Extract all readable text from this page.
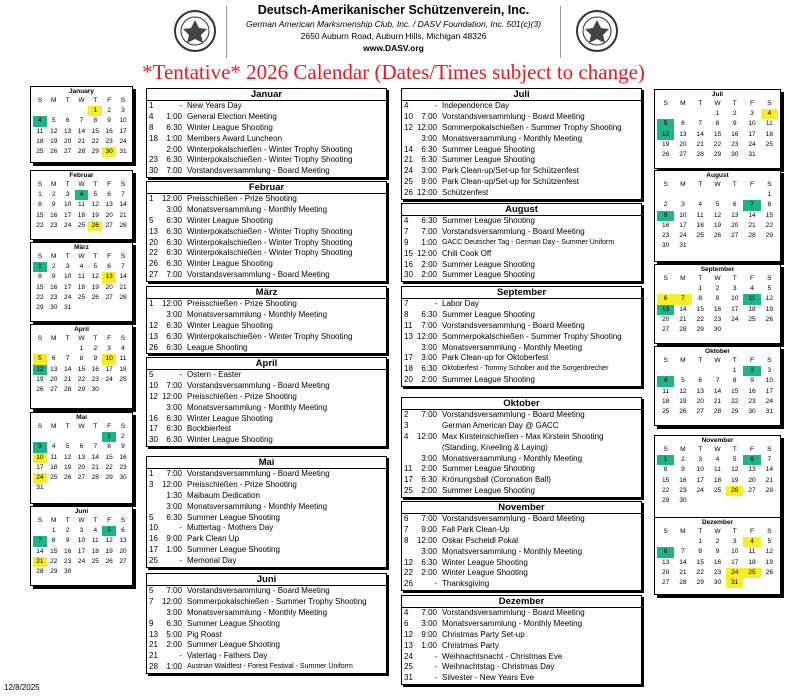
Deutsch-Amerikanischer Schützenverein, Inc.
German American Marksmenship Club, Inc. / DASV Foundation, Inc. 501(c)(3)
2650 Auburn Road, Auburn Hills, Michigan 48326
www.DASV.org
*Tentative* 2026 Calendar (Dates/Times subject to change)
January
S	M	T	W	T	F	S
				1	2	3
4	5	6	7	8	9	10
11	12	13	14	15	16	17
18	19	20	21	22	23	24
25	26	27	28	29	30	31
Februar
S	M	T	W	T	F	S
1	2	3	4	5	6	7
8	9	10	11	12	13	14
15	16	17	18	19	20	21
22	23	24	25	26	27	28
März
S	M	T	W	T	F	S
1	2	3	4	5	6	7
8	9	10	11	12	13	14
15	16	17	18	19	20	21
22	23	24	25	26	27	28
29	30	31				
April
S	M	T	W	T	F	S
			1	2	3	4
5	6	7	8	9	10	11
12	13	14	15	16	17	18
19	20	21	22	23	24	25
26	27	28	29	30		
Mai
S	M	T	W	T	F	S
					1	2
3	4	5	6	7	8	9
10	11	12	13	14	15	16
17	18	19	20	21	22	23
24	25	26	27	28	29	30
31						
Juni
S	M	T	W	T	F	S
	1	2	3	4	5	6
7	8	9	10	11	12	13
14	15	16	17	18	19	20
21	22	23	24	25	26	27
28	29	30				
Juli
S	M	T	W	T	F	S
			1	2	3	4
5	6	7	8	9	10	11
12	13	14	15	16	17	18
19	20	21	22	23	24	25
26	27	28	29	30	31	
August
S	M	T	W	T	F	S
						1
2	3	4	5	6	7	8
9	10	11	12	13	14	15
16	17	18	19	20	21	22
23	24	25	26	27	28	29
30	31					
September
S	M	T	W	T	F	S
		1	2	3	4	5
6	7	8	9	10	11	12
13	14	15	16	17	18	19
20	21	22	23	24	25	26
27	28	29	30			
Oktober
S	M	T	W	T	F	S
				1	2	3
4	5	6	7	8	9	10
11	12	13	14	15	16	17
18	19	20	21	22	23	24
25	26	27	28	29	30	31
November
S	M	T	W	T	F	S
1	2	3	4	5	6	7
8	9	10	11	12	13	14
15	16	17	18	19	20	21
22	23	24	25	26	27	28
29	30					
Dezember
S	M	T	W	T	F	S
		1	2	3	4	5
6	7	8	9	10	11	12
13	14	15	16	17	18	19
20	21	22	23	24	25	26
27	28	29	30	31		
Januar
1	- New Years Day
4	1:00 General Election Meeting
8	6:30 Winter League Shooting
18	1:00 Members Award Luncheon
2:00 Winterpokalschießen - Winter Trophy Shooting
23	6:30 Winterpokalschießen - Winter Trophy Shooting
30	7:00 Vorstandsversammlung - Board Meeting
Februar
1	12:00 Preisschießen - Prize Shooting
3:00 Monatsversammlung - Monthly Meeting
5	6:30 Winter League Shooting
13	6:30 Winterpokalschießen - Winter Trophy Shooting
20	6:30 Winterpokalschießen - Winter Trophy Shooting
22	6:30 Winterpokalschießen - Winter Trophy Shooting
26	6:30 Winter League Shooting
27	7:00 Vorstandsversammlung - Board Meeting
März
1	12:00 Preisschießen - Prize Shooting
3:00 Monatsversammlung - Monthly Meeting
12	6:30 Winter League Shooting
13	6:30 Winterpokalschießen - Winter Trophy Shooting
26	6:30 League Shooting
April
5	- Ostern - Easter
10	7:00 Vorstandsversammlung - Board Meeting
12 12:00 Preisschießen - Prize Shooting
3:00 Monatsversammlung - Monthly Meeting
16	6:30 Winter League Shooting
17	6:30 Bockbierfest
30	6:30 Winter League Shooting
Mai
1	7:00 Vorstandsversammlung - Board Meeting
3	12:00 Preisschießen - Prize Shooting
1:30 Maibaum Dedication
3:00 Monatsversammlung - Monthly Meeting
5	6:30 Summer League Shooting
10	- Muttertag - Mothers Day
16	9:00 Park Clean Up
17	1:00 Summer League Shooting
25	- Memorial Day
Juni
5	7:00 Vorstandsversammlung - Board Meeting
7	12:00 Sommerpokalschießen - Summer Trophy Shooting
3:00 Monatsversammlung - Monthly Meeting
9	6:30 Summer League Shooting
13	5:00 Pig Roast
21	2:00 Summer League Shooting
21	- Vatertag - Fathers Day
28	1:00 Austrian Waldfest - Forest Festival - Summer Uniform
Juli
4	- Independence Day
10	7:00 Vorstandsversammlung - Board Meeting
12 12:00 Sommerpokalschießen - Summer Trophy Shooting
3:00 Monatsversammlung - Monthly Meeting
14	6:30 Summer League Shooting
21	6:30 Summer League Shooting
24	3:00 Park Clean-up/Set-up for Schützenfest
25	9:00 Park Clean-up/Set-up for Schützenfest
26 12:00 Schützenfest
August
4	6:30 Summer League Shooting
7	7:00 Vorstandsversammlung - Board Meeting
9	1:00 GACC Deutscher Tag - German Day - Summer Uniform
15 12:00 Chili Cook Off
16	2:00 Summer League Shooting
30	2:00 Summer League Shooting
September
7	- Labor Day
8	6:30 Summer League Shooting
11	7:00 Vorstandsversammlung - Board Meeting
13 12:00 Sommerpokalschießen - Summer Trophy Shooting
3:00 Monatsversammlung - Monthly Meeting
17	3:00 Park Clean-up for Oktoberfest
18	6:30 Oktoberfest - Tommy Schober and the Sorgenbrecher
20	2:00 Summer League Shooting
Oktober
2	7:00 Vorstandsversammlung - Board Meeting
3	German American Day @ GACC
4	12:00 Max Kirsteinschießen - Max Kirstein Shooting
(Standing, Kneeling & Laying)
3:00 Monatsversammlung - Monthly Meeting
11	2:00 Summer League Shooting
17	6:30 Krönungsball (Coronation Ball)
25	2:00 Summer League Shooting
November
6	7:00 Vorstandsversammlung - Board Meeting
7	9:00 Fall Park Clean-Up
8	12:00 Oskar Pscheidl Pokal
3:00 Monatsversammlung - Monthly Meeting
12	6:30 Winter League Shooting
22	2:00 Winter League Shooting
26	- Thanksgiving
Dezember
4	7:00 Vorstandsversammlung - Board Meeting
6	3:00 Monatsversammlung - Monthly Meeting
12	9:00 Christmas Party Set-up
13	1:00 Christmas Party
24	- Weihnachtsnacht - Christmas Eve
25	- Weihnachtstag - Christmas Day
31	- Silvester - New Years Eve
12/8/2025
